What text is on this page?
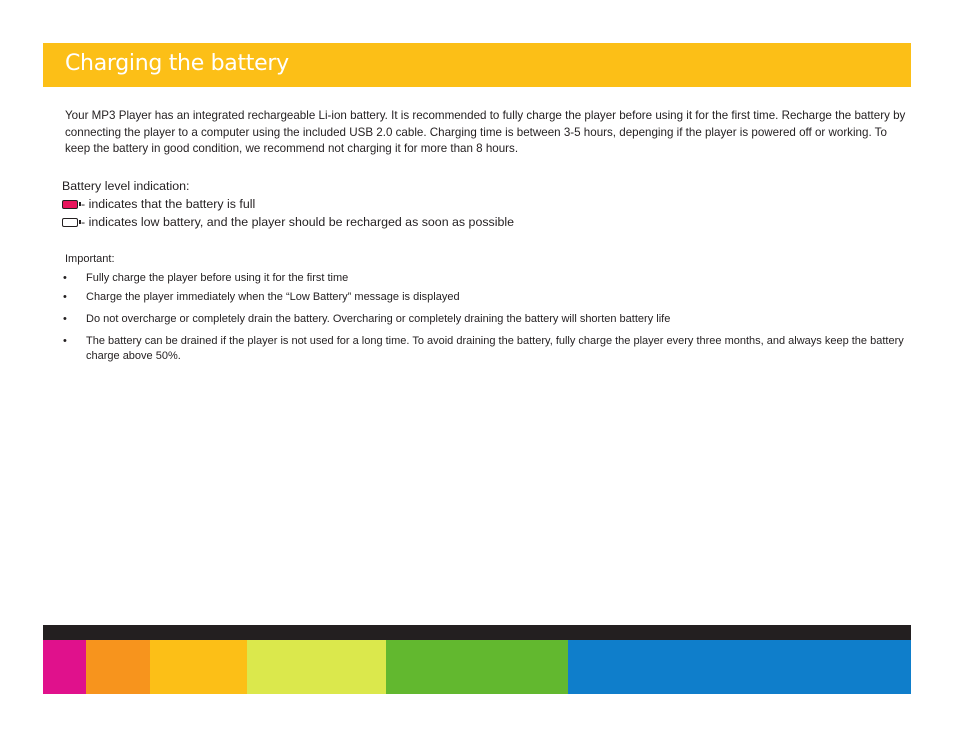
Charging the battery

Your MP3 Player has an integrated rechargeable Li-ion battery. It is recommended to fully charge the player before using it for the first time. Recharge the battery by connecting the player to a computer using the included USB 2.0 cable. Charging time is between 3-5 hours, depenging if the player is powered off or working. To keep the battery in good condition, we recommend not charging it for more than 8 hours.

Battery level indication:
- indicates that the battery is full
- indicates low battery, and the player should be recharged as soon as possible

Important:

• Fully charge the player before using it for the first time
• Charge the player immediately when the “Low Battery” message is displayed
• Do not overcharge or completely drain the battery. Overcharing or completely draining the battery will shorten battery life
• The battery can be drained if the player is not used for a long time. To avoid draining the battery, fully charge the player every three months, and always keep the battery charge above 50%.
